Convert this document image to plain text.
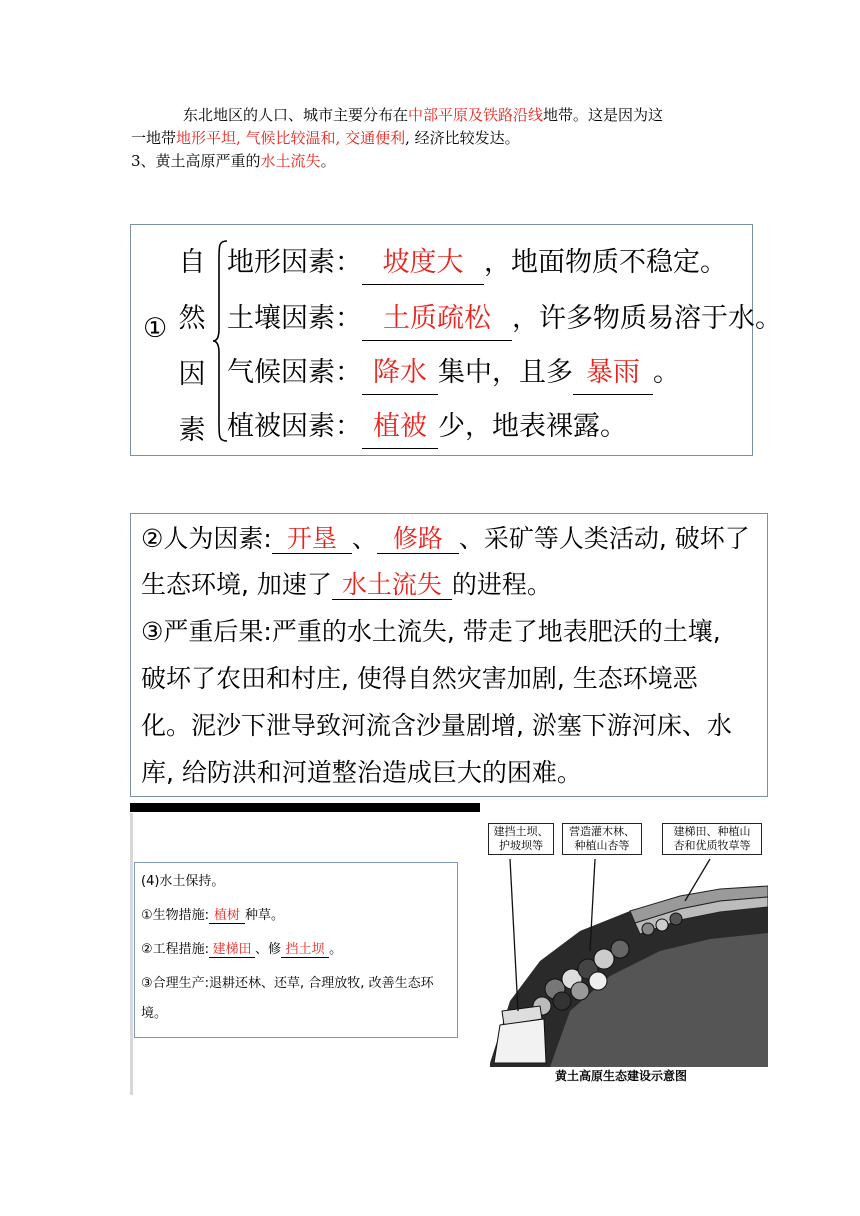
东北地区的人口、城市主要分布在中部平原及铁路沿线地带。这是因为这
一地带地形平坦, 气候比较温和, 交通便利, 经济比较发达。
3、黄土高原严重的水土流失。
①
自
然
因
素
地形因素： 坡度大 ，地面物质不稳定。
土壤因素： 土质疏松 ，许多物质易溶于水。
气候因素： 降水 集中，且多 暴雨 。
植被因素： 植被 少，地表裸露。
②人为因素: 开垦 、 修路 、采矿等人类活动, 破坏了
生态环境, 加速了 水土流失 的进程。
③严重后果:严重的水土流失, 带走了地表肥沃的土壤,
破坏了农田和村庄, 使得自然灾害加剧, 生态环境恶
化。泥沙下泄导致河流含沙量剧增, 淤塞下游河床、水
库, 给防洪和河道整治造成巨大的困难。
(4)水土保持。
①生物措施: 植树 种草。
②工程措施: 建梯田 、修 挡土坝 。
③合理生产:退耕还林、还草, 合理放牧, 改善生态环
境。
建挡土坝、
护坡坝等
营造灌木林、
种植山杏等
建梯田、种植山
杏和优质牧草等
黄土高原生态建设示意图
